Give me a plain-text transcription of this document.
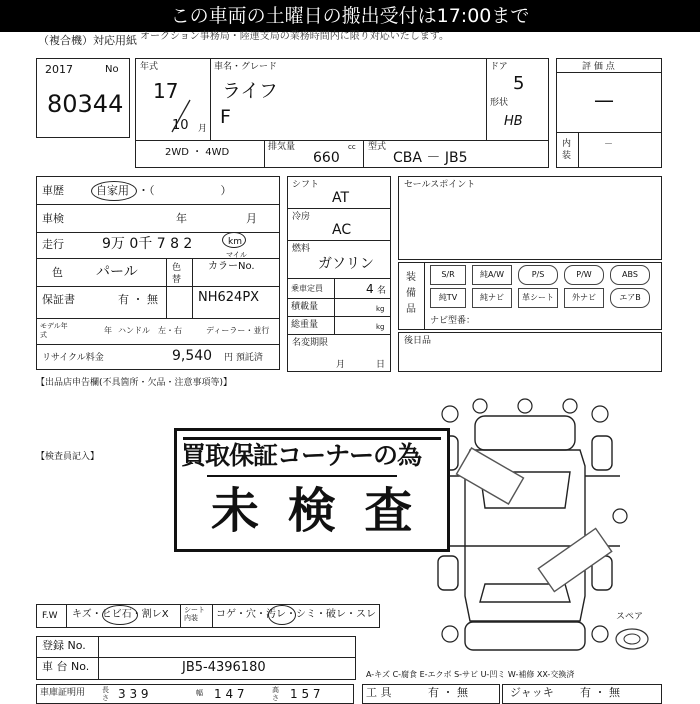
この車両の土曜日の搬出受付は17:00まで
オークション事務局・陸運支局の業務時間内に限り対応いたします。
（複合機）対応用紙
2017	No
80344
年式
17
10 月
車名・グレード
ライフ
F
ドア
5
形状
HB
2WD ・ 4WD	排気量	cc
660
型式
CBA － JB5
評 価 点
—
内装
－
車歴	自家用 ・（　　　　　　）
車検	年	月
走行	9万 0千 7 8 2	km
マイル
色 パール	色替
カラーNo.
NH624PX
保証書	有 ・ 無
モデル年式	年 ハンドル　左・右	ディーラー・並行
リサイクル料金	9,540 円 預託済
シフト
AT
冷房
AC
燃料
ガソリン
乗車定員	4 名
積載量	kg
総重量	kg
名変期限
月	日
セールスポイント
装備品
S/R	純A/W	P/S	P/W	ABS
純TV	純ナビ	革シート	外ナビ	エアB
ナビ型番：
後日品
【出品店申告欄(不具箇所・欠品・注意事項等)】
【検査員記入】
スペア
買取保証コーナーの為
未 検 査
F.W キズ・ヒビ石・割レX シート内装	コゲ・穴・汚レ・シミ・破レ・スレ
登録 No.
車 台 No.	JB5-4396180	A-キズ C-腐食 E-エクボ S-サビ U-凹ミ W-補修 XX-交換済
車庫証明用 長さ 3 3 9	幅 1 4 7	高さ 1 5 7	工 具	有 ・ 無	ジャッキ 有 ・ 無
